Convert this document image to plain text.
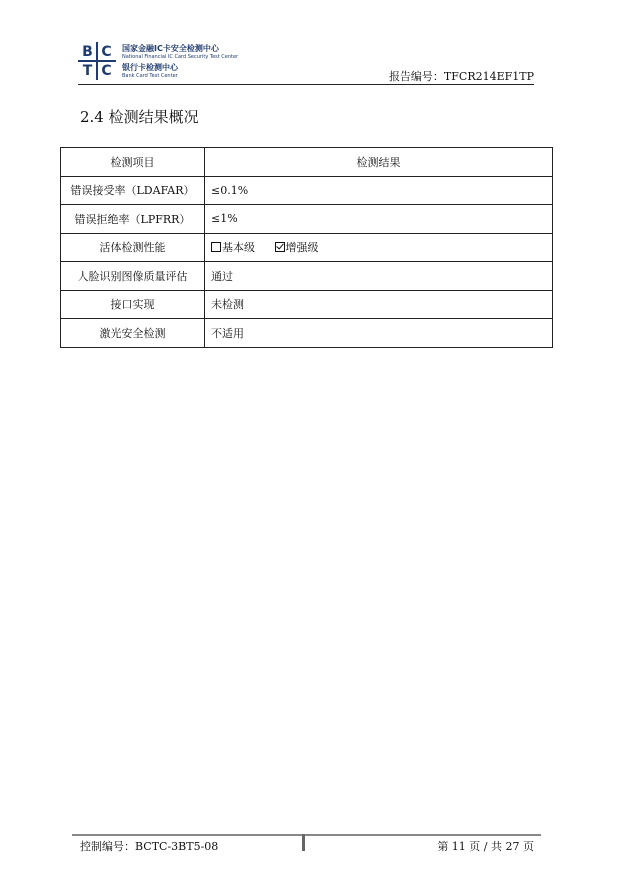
B C
T C
国家金融IC卡安全检测中心
National Financial IC Card Security Test Center
银行卡检测中心
Bank Card Test Center	报告编号：TFCR214EF1TP
2.4 检测结果概况
检测项目	检测结果
错误接受率（LDAFAR）	≤0.1%
错误拒绝率（LPFRR）	≤1%
活体检测性能	基本级 增强级
人脸识别图像质量评估	通过
接口实现	未检测
激光安全检测	不适用
控制编号：BCTC-3BT5-08	第 11 页 / 共 27 页
